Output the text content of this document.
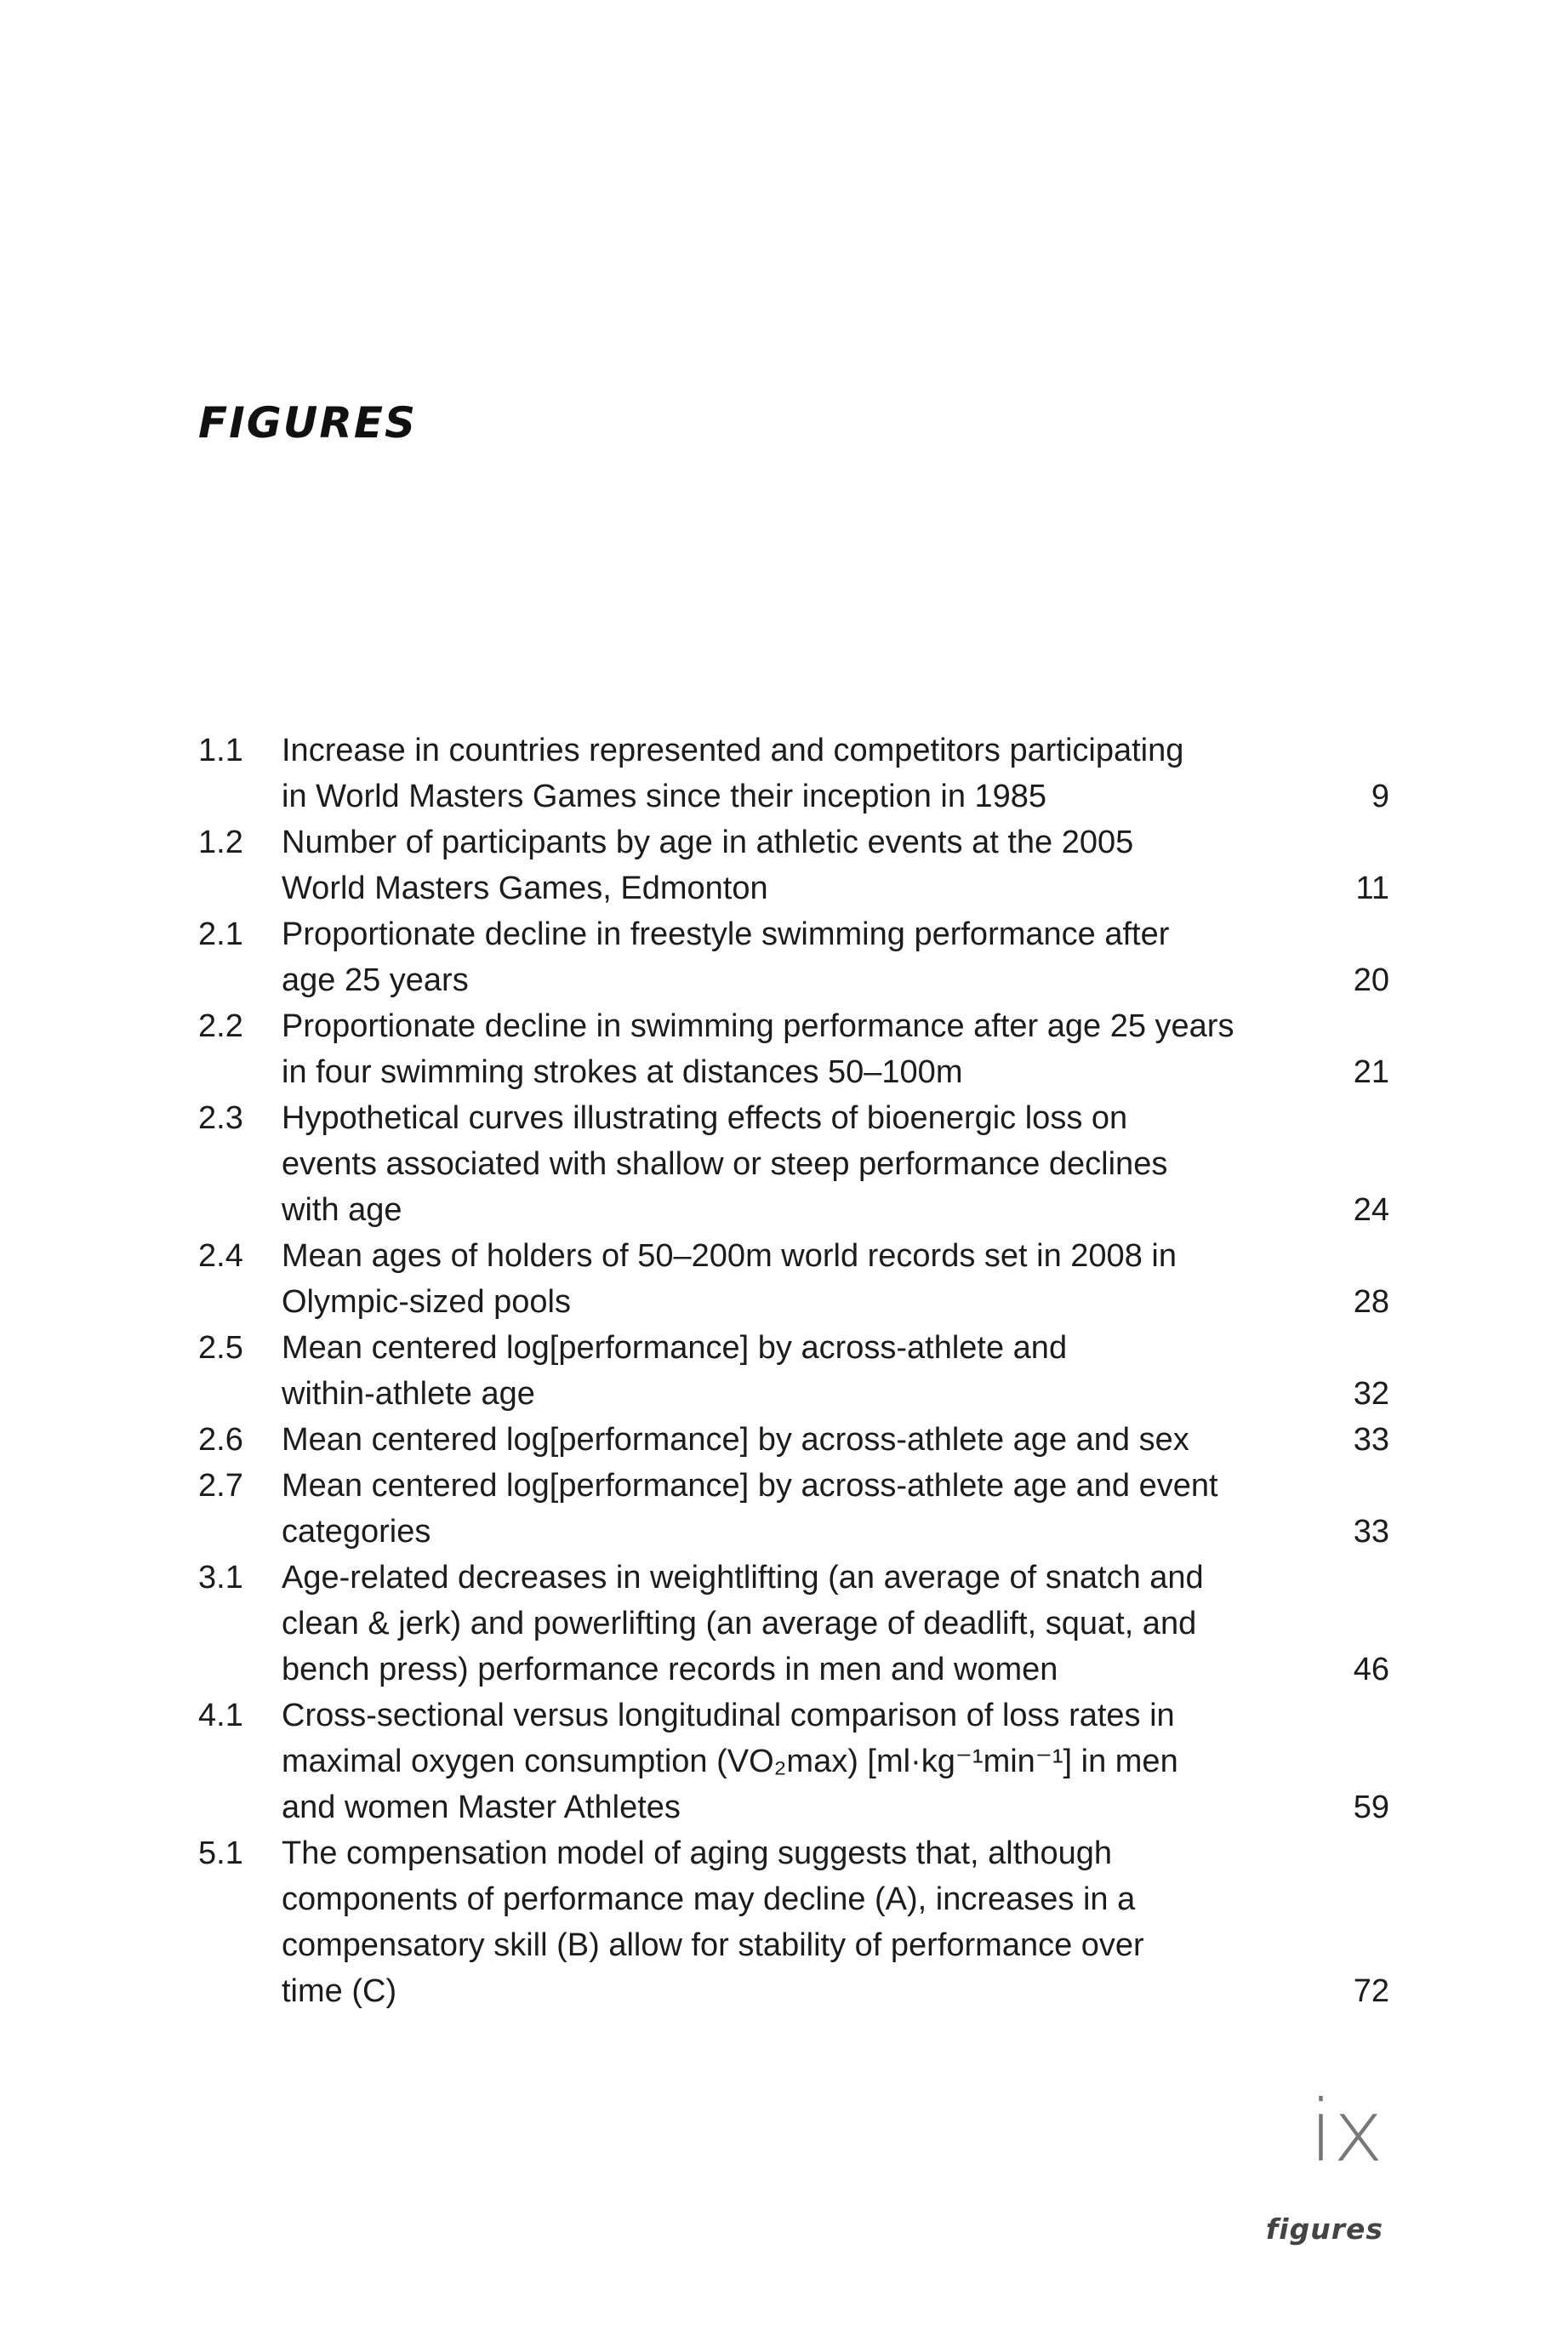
FIGURES
1.1 Increase in countries represented and competitors participating
in World Masters Games since their inception in 1985	9
1.2 Number of participants by age in athletic events at the 2005
World Masters Games, Edmonton	11
2.1 Proportionate decline in freestyle swimming performance after
age 25 years	20
2.2 Proportionate decline in swimming performance after age 25 years
in four swimming strokes at distances 50–100m	21
2.3 Hypothetical curves illustrating effects of bioenergic loss on
events associated with shallow or steep performance declines
with age	24
2.4 Mean ages of holders of 50–200m world records set in 2008 in
Olympic-sized pools	28
2.5 Mean centered log[performance] by across-athlete and
within-athlete age	32
2.6 Mean centered log[performance] by across-athlete age and sex	33
2.7 Mean centered log[performance] by across-athlete age and event
categories	33
3.1 Age-related decreases in weightlifting (an average of snatch and
clean & jerk) and powerlifting (an average of deadlift, squat, and
bench press) performance records in men and women	46
4.1 Cross-sectional versus longitudinal comparison of loss rates in
maximal oxygen consumption (VO₂max) [ml·kg⁻¹min⁻¹] in men
and women Master Athletes	59
5.1 The compensation model of aging suggests that, although
components of performance may decline (A), increases in a
compensatory skill (B) allow for stability of performance over
time (C)	72
ix
figures
